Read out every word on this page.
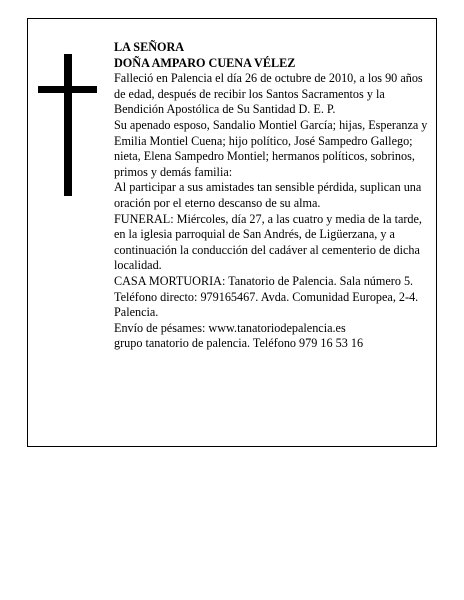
LA SEÑORA

DOÑA AMPARO CUENA VÉLEZ

Falleció en Palencia el día 26 de octubre de 2010, a los 90 años de edad, después de recibir los Santos Sacramentos y la Bendición Apostólica de Su Santidad D. E. P.

Su apenado esposo, Sandalio Montiel García; hijas, Esperanza y Emilia Montiel Cuena; hijo político, José Sampedro Gallego; nieta, Elena Sampedro Montiel; hermanos políticos, sobrinos, primos y demás familia:

Al participar a sus amistades tan sensible pérdida, suplican una oración por el eterno descanso de su alma.

FUNERAL: Miércoles, día 27, a las cuatro y media de la tarde, en la iglesia parroquial de San Andrés, de Ligüerzana, y a continuación la conducción del cadáver al cementerio de dicha localidad.

CASA MORTUORIA: Tanatorio de Palencia. Sala número 5. Teléfono directo: 979165467. Avda. Comunidad Europea, 2-4. Palencia.

Envío de pésames: www.tanatoriodepalencia.es

grupo tanatorio de palencia. Teléfono 979 16 53 16
